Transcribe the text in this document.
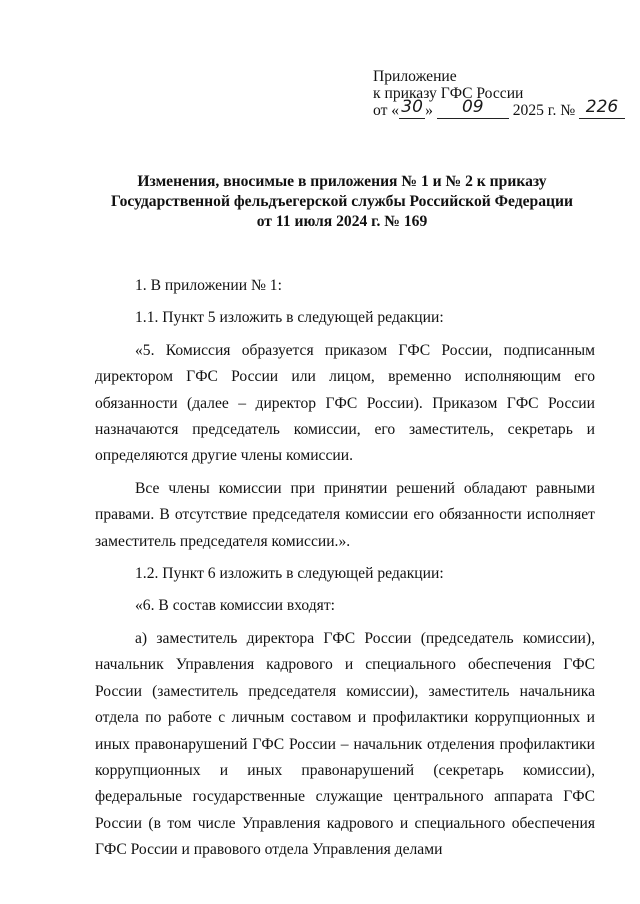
Приложение
к приказу ГФС России
от « 30 » 09 2025 г. № 226
Изменения, вносимые в приложения № 1 и № 2 к приказу
Государственной фельдъегерской службы Российской Федерации
от 11 июля 2024 г. № 169

1. В приложении № 1:

1.1. Пункт 5 изложить в следующей редакции:

«5. Комиссия образуется приказом ГФС России, подписанным директором ГФС России или лицом, временно исполняющим его обязанности (далее – директор ГФС России). Приказом ГФС России назначаются председатель комиссии, его заместитель, секретарь и определяются другие члены комиссии.

Все члены комиссии при принятии решений обладают равными правами. В отсутствие председателя комиссии его обязанности исполняет заместитель председателя комиссии.».

1.2. Пункт 6 изложить в следующей редакции:

«6. В состав комиссии входят:

а) заместитель директора ГФС России (председатель комиссии), начальник Управления кадрового и специального обеспечения ГФС России (заместитель председателя комиссии), заместитель начальника отдела по работе с личным составом и профилактики коррупционных и иных правонарушений ГФС России – начальник отделения профилактики коррупционных и иных правонарушений (секретарь комиссии), федеральные государственные служащие центрального аппарата ГФС России (в том числе Управления кадрового и специального обеспечения ГФС России и правового отдела Управления делами
